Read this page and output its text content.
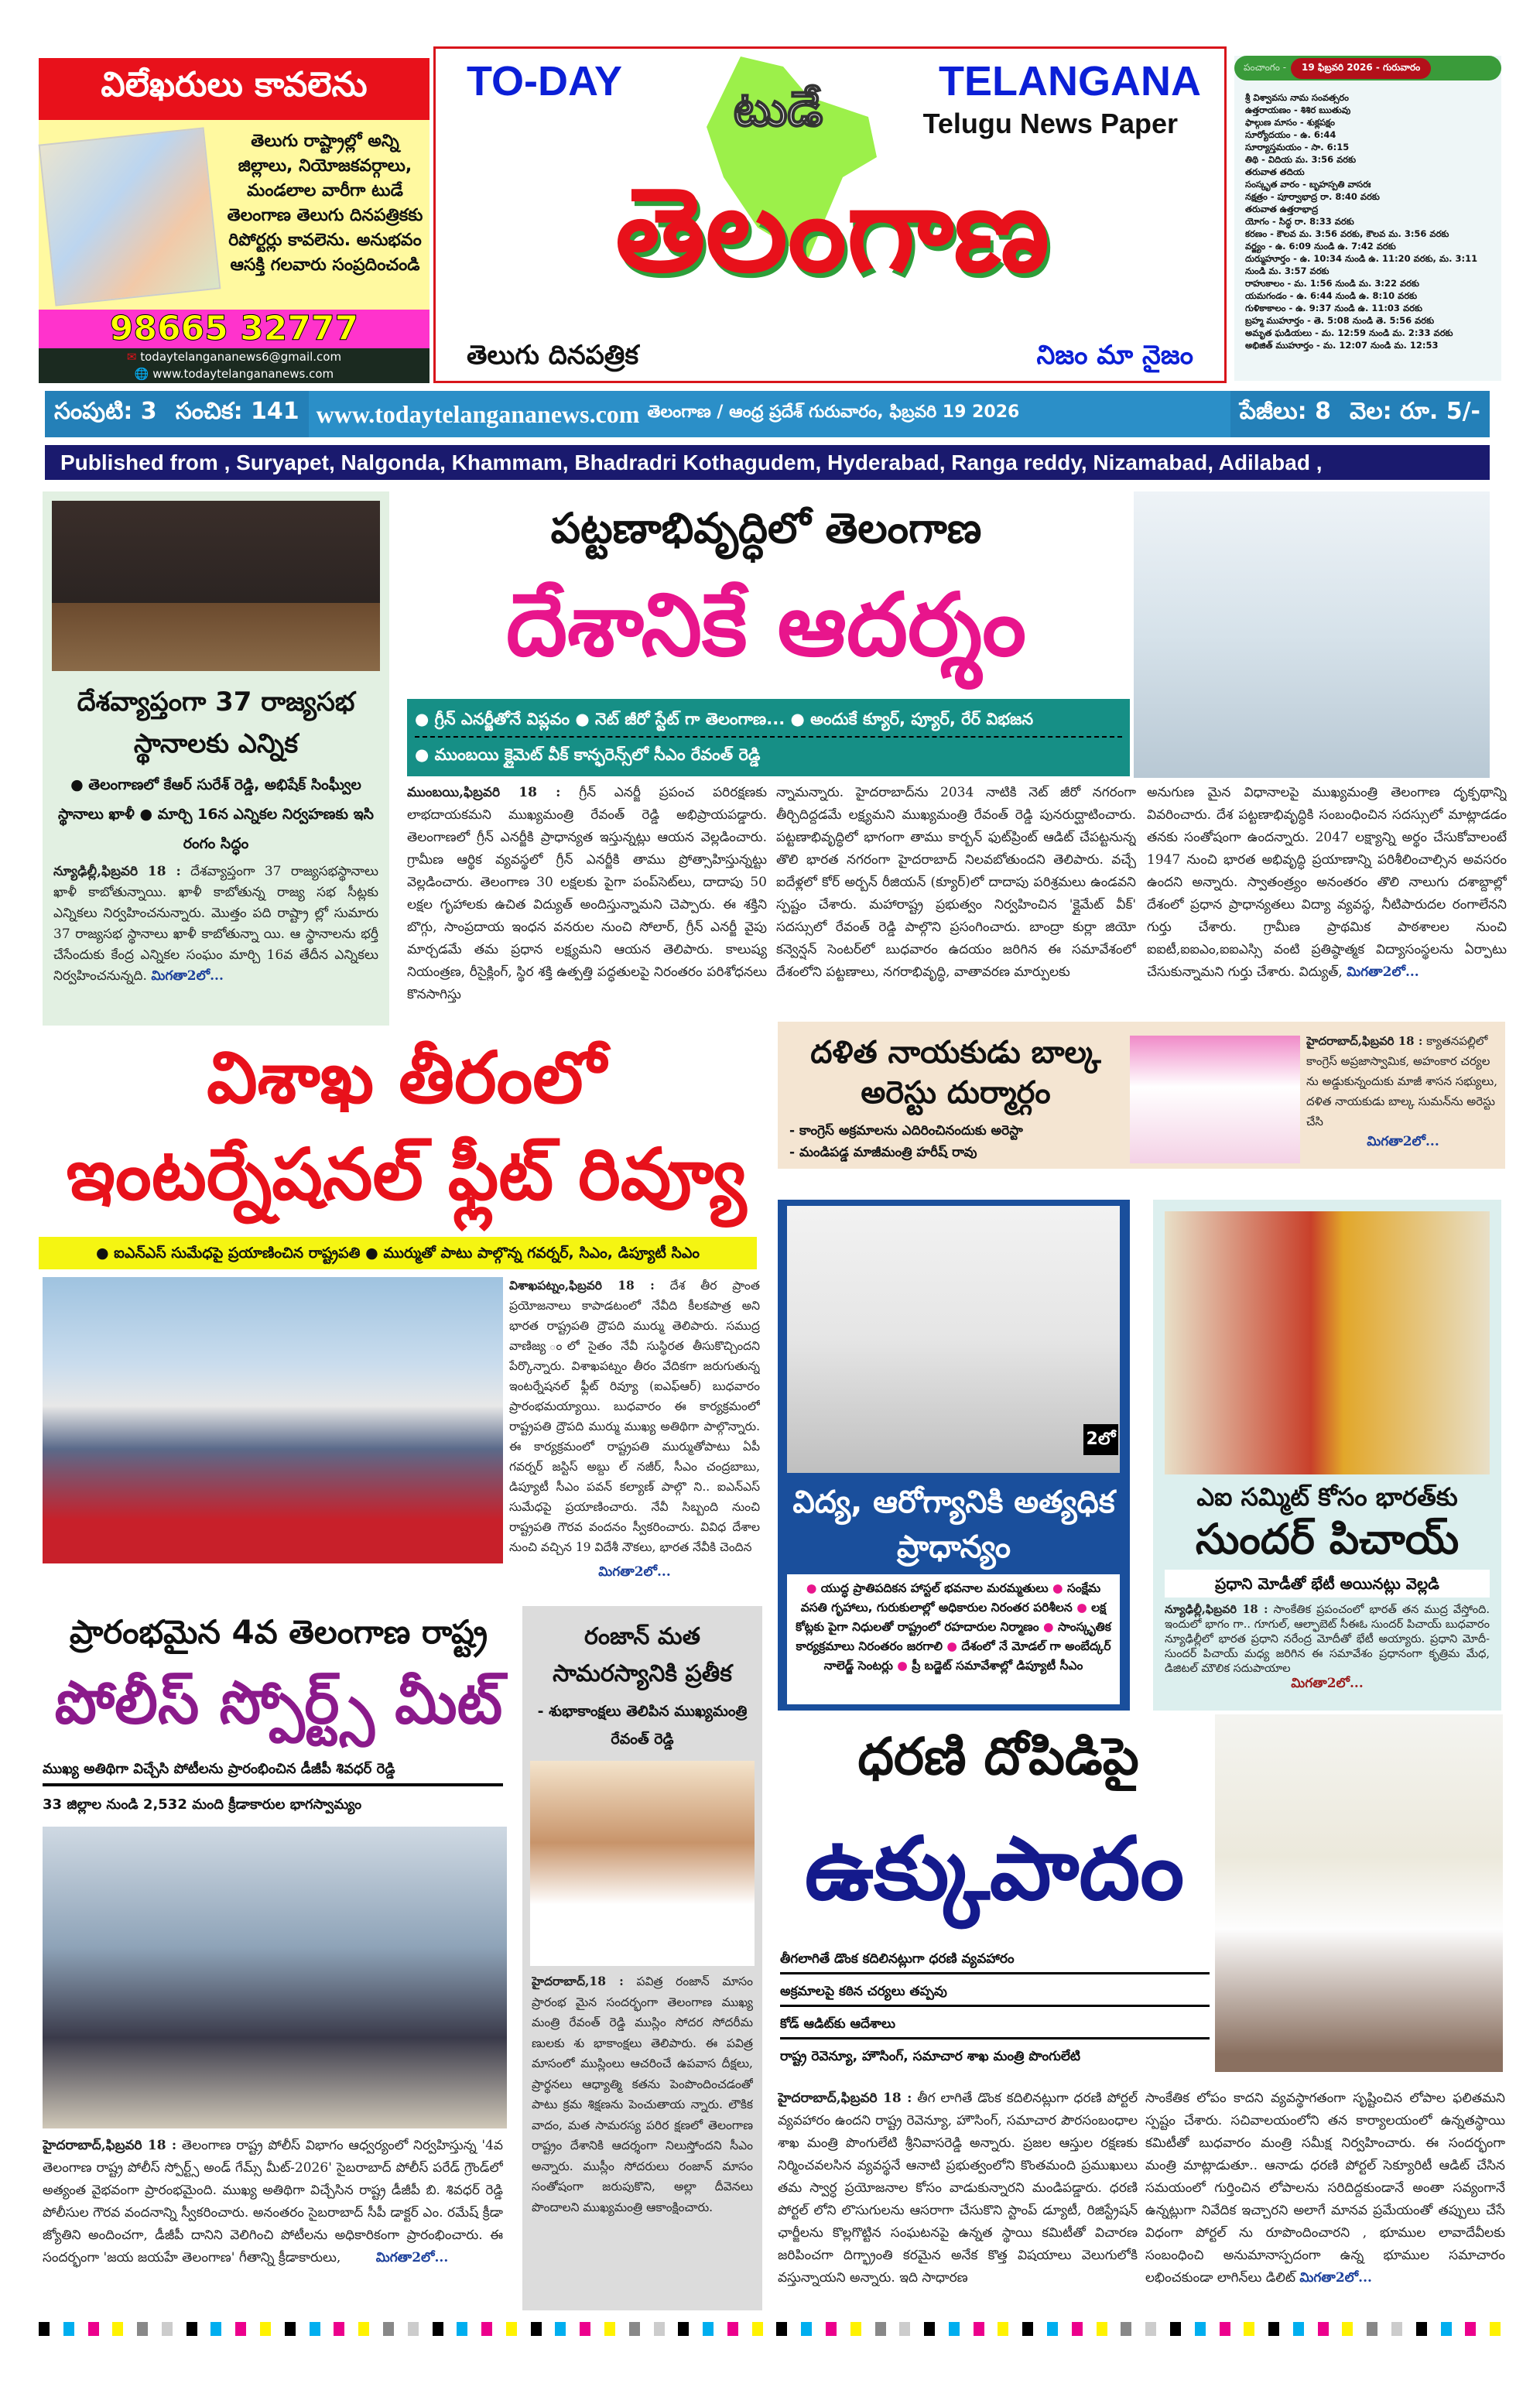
విలేఖరులు కావలెను
తెలుగు రాష్ట్రాల్లో అన్ని జిల్లాలు, నియోజకవర్గాలు, మండలాల వారీగా టుడే తెలంగాణ తెలుగు దినపత్రికకు రిపోర్టర్లు కావలెను. అనుభవం ఆసక్తి గలవారు సంప్రదించండి
98665 32777
✉ todaytelangananews6@gmail.com
🌐 www.todaytelangananews.com
TO-DAY	TELANGANA
Telugu News Paper
టుడే
తెలంగాణ
తెలుగు దినపత్రిక	నిజం మా నైజం
పంచాంగం -	19 ఫిబ్రవరి 2026 - గురువారం
శ్రీ విశ్వావసు నామ సంవత్సరం
ఉత్తరాయణం - శిశిర ఋతువు
ఫాల్గుణ మాసం - శుక్లపక్షం
సూర్యోదయం - ఉ. 6:44
సూర్యాస్తమయం - సా. 6:15
తిథి - విదియ మ. 3:56 వరకు
తరువాత తదియ
సంస్కృత వారం - బృహస్పతి వాసరః
నక్షత్రం - పూర్వాభాద్ర రా. 8:40 వరకు
తరువాత ఉత్తరాభాద్ర
యోగం - సిద్ధ రా. 8:33 వరకు
కరణం - కౌలవ మ. 3:56 వరకు, కౌలవ మ. 3:56 వరకు
వర్జ్యం - ఉ. 6:09 నుండి ఉ. 7:42 వరకు
దుర్ముహూర్తం - ఉ. 10:34 నుండి ఉ. 11:20 వరకు, మ. 3:11 నుండి మ. 3:57 వరకు
రాహుకాలం - మ. 1:56 నుండి మ. 3:22 వరకు
యమగండం - ఉ. 6:44 నుండి ఉ. 8:10 వరకు
గుళికాకాలం - ఉ. 9:37 నుండి ఉ. 11:03 వరకు
బ్రహ్మ ముహూర్తం - తె. 5:08 నుండి తె. 5:56 వరకు
అమృత ఘడియలు - మ. 12:59 నుండి మ. 2:33 వరకు
అభిజిత్ ముహూర్తం - మ. 12:07 నుండి మ. 12:53
సంపుటి: 3 సంచిక: 141 www.todaytelangananews.com తెలంగాణ / ఆంధ్ర ప్రదేశ్ గురువారం, ఫిబ్రవరి 19 2026	పేజీలు: 8 వెల: రూ. 5/-
Published from , Suryapet, Nalgonda, Khammam, Bhadradri Kothagudem, Hyderabad, Ranga reddy, Nizamabad, Adilabad ,
దేశవ్యాప్తంగా 37 రాజ్యసభ స్థానాలకు ఎన్నిక
● తెలంగాణలో కేఆర్ సురేశ్ రెడ్డి, అభిషేక్ సింఘ్వీల స్థానాలు ఖాళీ ● మార్చి 16న ఎన్నికల నిర్వహణకు ఇసి రంగం సిద్ధం
న్యూఢిల్లీ,ఫిబ్రవరి 18 : దేశవ్యాప్తంగా 37 రాజ్యసభస్థానాలు ఖాళీ కాబోతున్నాయి. ఖాళీ కాబోతున్న రాజ్య సభ సీట్లకు ఎన్నికలు నిర్వహించనున్నారు. మొత్తం పది రాష్ట్రా ల్లో సుమారు 37 రాజ్యసభ స్థానాలు ఖాళీ కాబోతున్నా యి. ఆ స్థానాలను భర్తీ చేసేందుకు కేంద్ర ఎన్నికల సంఘం మార్చి 16వ తేదీన ఎన్నికలు నిర్వహించనున్నది. మిగతా2లో...
పట్టణాభివృద్ధిలో తెలంగాణ
దేశానికే ఆదర్శం
● గ్రీన్ ఎనర్జీతోనే విప్లవం ● నెట్ జీరో స్టేట్ గా తెలంగాణ... ● అందుకే క్యూర్, ప్యూర్, రేర్ విభజన
● ముంబయి క్లైమెట్ వీక్ కాన్ఫరెన్స్‌లో సీఎం రేవంత్ రెడ్డి
ముంబయి,ఫిబ్రవరి 18 : గ్రీన్ ఎనర్జీ ప్రపంచ పరిరక్షణకు లాభదాయకమని ముఖ్యమంత్రి రేవంత్ రెడ్డి అభిప్రాయపడ్డారు. తెలంగాణలో గ్రీన్ ఎనర్జీకి ప్రాధాన్యత ఇస్తున్నట్లు ఆయన వెల్లడించారు. గ్రామీణ ఆర్థిక వ్యవస్థలో గ్రీన్ ఎనర్జీకి తాము ప్రోత్సాహిస్తున్నట్టు వెల్లడించారు. తెలంగాణ 30 లక్షలకు పైగా పంప్‌సెట్‌లు, దాదాపు 50 లక్షల గృహాలకు ఉచిత విద్యుత్ అందిస్తున్నామని చెప్పారు. ఈ శక్తిని బొగ్గు, సాంప్రదాయ ఇంధన వనరుల నుంచి సోలార్, గ్రీన్ ఎనర్జీ వైపు మార్చడమే తమ ప్రధాన లక్ష్యమని ఆయన తెలిపారు. కాలుష్య నియంత్రణ, రీసైక్లింగ్, స్థిర శక్తి ఉత్పత్తి పద్ధతులపై నిరంతరం పరిశోధనలు కొనసాగిస్తు
న్నామన్నారు. హైదరాబాద్‌ను 2034 నాటికి నెట్ జీరో నగరంగా తీర్చిదిద్దడమే లక్ష్యమని ముఖ్యమంత్రి రేవంత్ రెడ్డి పునరుద్ఘాటించారు. పట్టణాభివృద్ధిలో భాగంగా తాము కార్బన్ ఫుట్‌ప్రింట్ ఆడిట్ చేపట్టనున్న తొలి భారత నగరంగా హైదరాబాద్ నిలవబోతుందని తెలిపారు. వచ్చే ఐదేళ్లలో కోర్ అర్బన్ రీజియన్ (క్యూర్)లో దాదాపు పరిశ్రమలు ఉండవని స్పష్టం చేశారు. మహారాష్ట్ర ప్రభుత్వం నిర్వహించిన 'క్లైమేట్ వీక్' సదస్సులో రేవంత్ రెడ్డి పాల్గొని ప్రసంగించారు. బాంద్రా కుర్లా జియో కన్వెన్షన్ సెంటర్‌లో బుధవారం ఉదయం జరిగిన ఈ సమావేశంలో దేశంలోని పట్టణాలు, నగరాభివృద్ధి, వాతావరణ మార్పులకు
అనుగుణ మైన విధానాలపై ముఖ్యమంత్రి తెలంగాణ దృక్పథాన్ని వివరించారు. దేశ పట్టణాభివృద్ధికి సంబంధించిన సదస్సులో మాట్లాడడం తనకు సంతోషంగా ఉందన్నారు. 2047 లక్ష్యాన్ని అర్థం చేసుకోవాలంటే 1947 నుంచి భారత అభివృద్ధి ప్రయాణాన్ని పరిశీలించాల్సిన అవసరం ఉందని అన్నారు. స్వాతంత్ర్యం అనంతరం తొలి నాలుగు దశాబ్దాల్లో దేశంలో ప్రధాన ప్రాధాన్యతలు విద్యా వ్యవస్థ, నీటిపారుదల రంగాలేనని గుర్తు చేశారు. గ్రామీణ ప్రాథమిక పాఠశాలల నుంచి ఐఐటీ,ఐఐఎం,ఐఐఎస్సి వంటి ప్రతిష్ఠాత్మక విద్యాసంస్థలను ఏర్పాటు చేసుకున్నామని గుర్తు చేశారు. విద్యుత్, మిగతా2లో...
విశాఖ తీరంలో
ఇంటర్నేషనల్ ఫ్లీట్ రివ్యూ
● ఐఎన్ఎస్ సుమేధపై ప్రయాణించిన రాష్ట్రపతి ● ముర్ముతో పాటు పాల్గొన్న గవర్నర్, సిఎం, డిప్యూటీ సిఎం
విశాఖపట్నం,ఫిబ్రవరి 18 : దేశ తీర ప్రాంత ప్రయోజనాలు కాపాడటంలో నేవీది కీలకపాత్ర అని భారత రాష్ట్రపతి ద్రౌపది ముర్ము తెలిపారు. సముద్ర వాణిజ్య ంలో సైతం నేవీ సుస్థిరత తీసుకొచ్చిందని పేర్కొన్నారు. విశాఖపట్నం తీరం వేదికగా జరుగుతున్న ఇంటర్నేషనల్ ఫ్లీట్ రివ్యూ (ఐఎఫ్ఆర్) బుధవారం ప్రారంభమయ్యాయి. బుధవారం ఈ కార్యక్రమంలో రాష్ట్రపతి ద్రౌపది ముర్ము ముఖ్య అతిథిగా పాల్గొన్నారు. ఈ కార్యక్రమంలో రాష్ట్రపతి ముర్ముతోపాటు ఏపీ గవర్నర్ జస్టిస్ అబ్దు ల్ నజీర్, సీఎం చంద్రబాబు, డిప్యూటీ సీఎం పవన్ కల్యాణ్ పాల్గొ ని.. ఐఎన్ఎస్ సుమేధపై ప్రయాణించారు. నేవీ సిబ్బంది నుంచి రాష్ట్రపతి గౌరవ వందనం స్వీకరించారు. వివిధ దేశాల నుంచి వచ్చిన 19 విదేశీ నౌకలు, భారత నేవీకి చెందిన
మిగతా2లో...
దళిత నాయకుడు బాల్క అరెస్టు దుర్మార్గం
- కాంగ్రెస్ అక్రమాలను ఎదిరించినందుకు అరెస్టా
- మండిపడ్డ మాజీమంత్రి హరీష్ రావు
హైదరాబాద్,ఫిబ్రవరి 18 : క్యాతనపల్లిలో కాంగ్రెస్ అప్రజాస్వామిక, అహంకార చర్యల ను అడ్డుకున్నందుకు మాజీ శాసన సభ్యులు, దళిత నాయకుడు బాల్క సుమన్‌ను అరెస్టు చేసి
మిగతా2లో...
2లో
విద్య, ఆరోగ్యానికి అత్యధిక ప్రాధాన్యం
● యుద్ధ ప్రాతిపదికన హాస్టల్ భవనాల మరమ్మతులు ● సంక్షేమ వసతి గృహాలు, గురుకులాల్లో అధికారుల నిరంతర పరిశీలన ● లక్ష కోట్లకు పైగా నిధులతో రాష్ట్రంలో రహదారుల నిర్మాణం ● సాంస్కృతిక కార్యక్రమాలు నిరంతరం జరగాలి ● దేశంలో నే మోడల్ గా అంబేద్కర్ నాలెడ్జ్ సెంటర్లు ● ప్రీ బడ్జెట్ సమావేశాల్లో డిప్యూటీ సీఎం
ఎఐ సమ్మిట్ కోసం భారత్‌కు
సుందర్ పిచాయ్
ప్రధాని మోడీతో భేటీ అయినట్లు వెల్లడి
న్యూఢిల్లీ,ఫిబ్రవరి 18 : సాంకేతిక ప్రపంచంలో భారత్ తన ముద్ర వేస్తోంది. ఇందులో భాగం గా.. గూగుల్, ఆల్ఫాబెట్ సీఈఓ సుందర్ పిచాయ్ బుధవారం న్యూఢిల్లీలో భారత ప్రధాని నరేంద్ర మోదీతో భేటీ అయ్యారు. ప్రధాని మోదీ-సుందర్ పిచాయ్ మధ్య జరిగిన ఈ సమావేశం ప్రధానంగా కృత్రిమ మేధ, డిజిటల్ మౌలిక సదుపాయాల
మిగతా2లో...
ప్రారంభమైన 4వ తెలంగాణ రాష్ట్ర
పోలీస్ స్పోర్ట్స్ మీట్
ముఖ్య అతిథిగా విచ్చేసి పోటీలను ప్రారంభించిన డీజీపీ శివధర్ రెడ్డి
33 జిల్లాల నుండి 2,532 మంది క్రీడాకారుల భాగస్వామ్యం
హైదరాబాద్,ఫిబ్రవరి 18 : తెలంగాణ రాష్ట్ర పోలీస్ విభాగం ఆధ్వర్యంలో నిర్వహిస్తున్న '4వ తెలంగాణ రాష్ట్ర పోలీస్ స్పోర్ట్స్ అండ్ గేమ్స్ మీట్-2026' సైబరాబాద్ పోలీస్ పరేడ్ గ్రౌండ్‌లో అత్యంత వైభవంగా ప్రారంభమైంది. ముఖ్య అతిథిగా విచ్చేసిన రాష్ట్ర డీజీపీ బి. శివధర్ రెడ్డి పోలీసుల గౌరవ వందనాన్ని స్వీకరించారు. అనంతరం సైబరాబాద్ సీపీ డాక్టర్ ఎం. రమేష్ క్రీడా జ్యోతిని అందించగా, డీజీపీ దానిని వెలిగించి పోటీలను అధికారికంగా ప్రారంభించారు. ఈ సందర్భంగా 'జయ జయహే తెలంగాణ' గీతాన్ని క్రీడాకారులు,	మిగతా2లో...
రంజాన్ మత సామరస్యానికి ప్రతీక
- శుభాకాంక్షలు తెలిపిన ముఖ్యమంత్రి రేవంత్ రెడ్డి
హైదరాబాద్,18 : పవిత్ర రంజాన్ మాసం ప్రారంభ మైన సందర్భంగా తెలంగాణ ముఖ్య మంత్రి రేవంత్ రెడ్డి ముస్లిం సోదర సోదరీమ ణులకు శు భాకాంక్షలు తెలిపారు. ఈ పవిత్ర మాసంలో ముస్లింలు ఆచరించే ఉపవాస దీక్షలు, ప్రార్థనలు ఆధ్యాత్మి కతను పెంపొందించడంతో పాటు క్రమ శిక్షణను పెంచుతాయ న్నారు. లౌకిక వాదం, మత సామరస్య పరిర క్షణలో తెలంగాణ రాష్ట్రం దేశానికి ఆదర్శంగా నిలుస్తోందని సీఎం అన్నారు. ముస్లీం సోదరులు రంజాన్ మాసం సంతోషంగా జరుపుకొని, అల్లా దీవెనలు పొందాలని ముఖ్యమంత్రి ఆకాంక్షించారు.
ధరణి దోపిడిపై
ఉక్కుపాదం
తీగలాగితే డొంక కదిలినట్లుగా ధరణి వ్యవహారం
అక్రమాలపై కఠిన చర్యలు తప్పవు
కోడ్ ఆడిట్‌కు ఆదేశాలు
రాష్ట్ర రెవెన్యూ, హౌసింగ్, సమాచార శాఖ మంత్రి పొంగులేటి
హైదరాబాద్,ఫిబ్రవరి 18 : తీగ లాగితే డొంక కదిలినట్లుగా ధరణి పోర్టల్ వ్యవహారం ఉందని రాష్ట్ర రెవెన్యూ, హౌసింగ్, సమాచార పౌరసంబంధాల శాఖ మంత్రి పొంగులేటి శ్రీనివాసరెడ్డి అన్నారు. ప్రజల ఆస్తుల రక్షణకు నిర్మించవలసిన వ్యవస్థనే ఆనాటి ప్రభుత్వంలోని కొంతమంది ప్రముఖులు తమ స్వార్ధ ప్రయోజనాల కోసం వాడుకున్నారని మండిపడ్డారు. ధరణి పోర్టల్ లోని లొసుగులను ఆసరాగా చేసుకొని స్టాంప్ డ్యూటీ, రిజిస్ట్రేషన్ ఛార్జీలను కొల్లగొట్టిన సంఘటనపై ఉన్నత స్థాయి కమిటీతో విచారణ జరిపించగా దిగ్భ్రాంతి కరమైన అనేక కొత్త విషయాలు వెలుగులోకి వస్తున్నాయని అన్నారు. ఇది సాధారణ
సాంకేతిక లోపం కాదని వ్యవస్థాగతంగా సృష్టించిన లోపాల ఫలితమని స్పష్టం చేశారు. సచివాలయంలోని తన కార్యాలయంలో ఉన్నతస్థాయి కమిటీతో బుధవారం మంత్రి సమీక్ష నిర్వహించారు. ఈ సందర్భంగా మంత్రి మాట్లాడుతూ.. ఆనాడు ధరణి పోర్టల్ సెక్యూరిటీ ఆడిట్ చేసిన సమయంలో గుర్తించిన లోపాలను సరిదిద్దకుండానే అంతా సవ్యంగానే ఉన్నట్లుగా నివేదిక ఇచ్చారని అలాగే మానవ ప్రమేయంతో తప్పులు చేసే విధంగా పోర్టల్ ను రూపొందించారని , భూముల లావాదేవీలకు సంబంధించి అనుమానాస్పదంగా ఉన్న భూముల సమాచారం లభించకుండా లాగిన్‌లు డిలిట్ మిగతా2లో...
